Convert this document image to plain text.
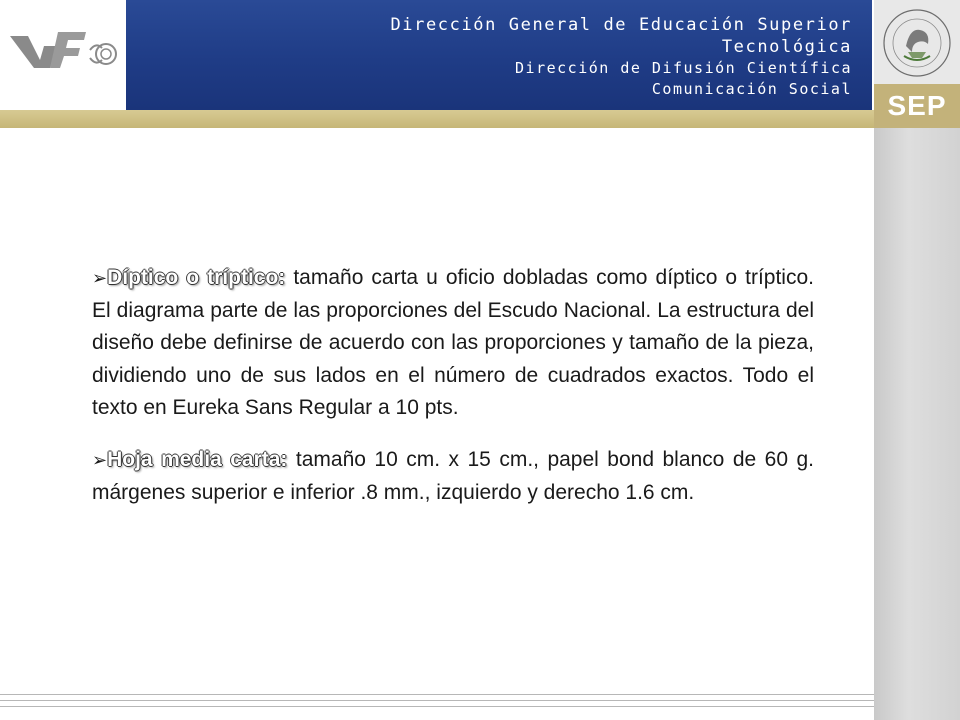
Dirección General de Educación Superior
Tecnológica
Dirección de Difusión Científica
Comunicación Social
SEP

➢Díptico o tríptico: tamaño carta u oficio dobladas como díptico o tríptico. El diagrama parte de las proporciones del Escudo Nacional. La estructura del diseño debe definirse de acuerdo con las proporciones y tamaño de la pieza, dividiendo uno de sus lados en el número de cuadrados exactos. Todo el texto en Eureka Sans Regular a 10 pts.

➢Hoja media carta: tamaño 10 cm. x 15 cm., papel bond blanco de 60 g. márgenes superior e inferior .8 mm., izquierdo y derecho 1.6 cm.
